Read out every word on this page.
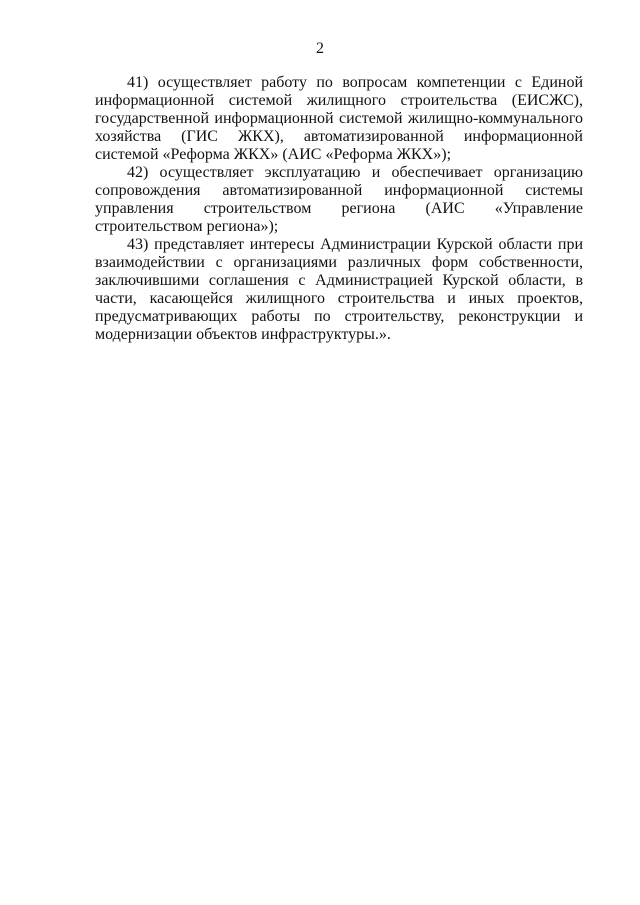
2

41) осуществляет работу по вопросам компетенции с Единой информационной системой жилищного строительства (ЕИСЖС), государственной информационной системой жилищно-коммунального хозяйства (ГИС ЖКХ), автоматизированной информационной системой «Реформа ЖКХ» (АИС «Реформа ЖКХ»);

42) осуществляет эксплуатацию и обеспечивает организацию сопровождения автоматизированной информационной системы управления строительством региона (АИС «Управление строительством региона»);

43) представляет интересы Администрации Курской области при взаимодействии с организациями различных форм собственности, заключившими соглашения с Администрацией Курской области, в части, касающейся жилищного строительства и иных проектов, предусматривающих работы по строительству, реконструкции и модернизации объектов инфраструктуры.».
